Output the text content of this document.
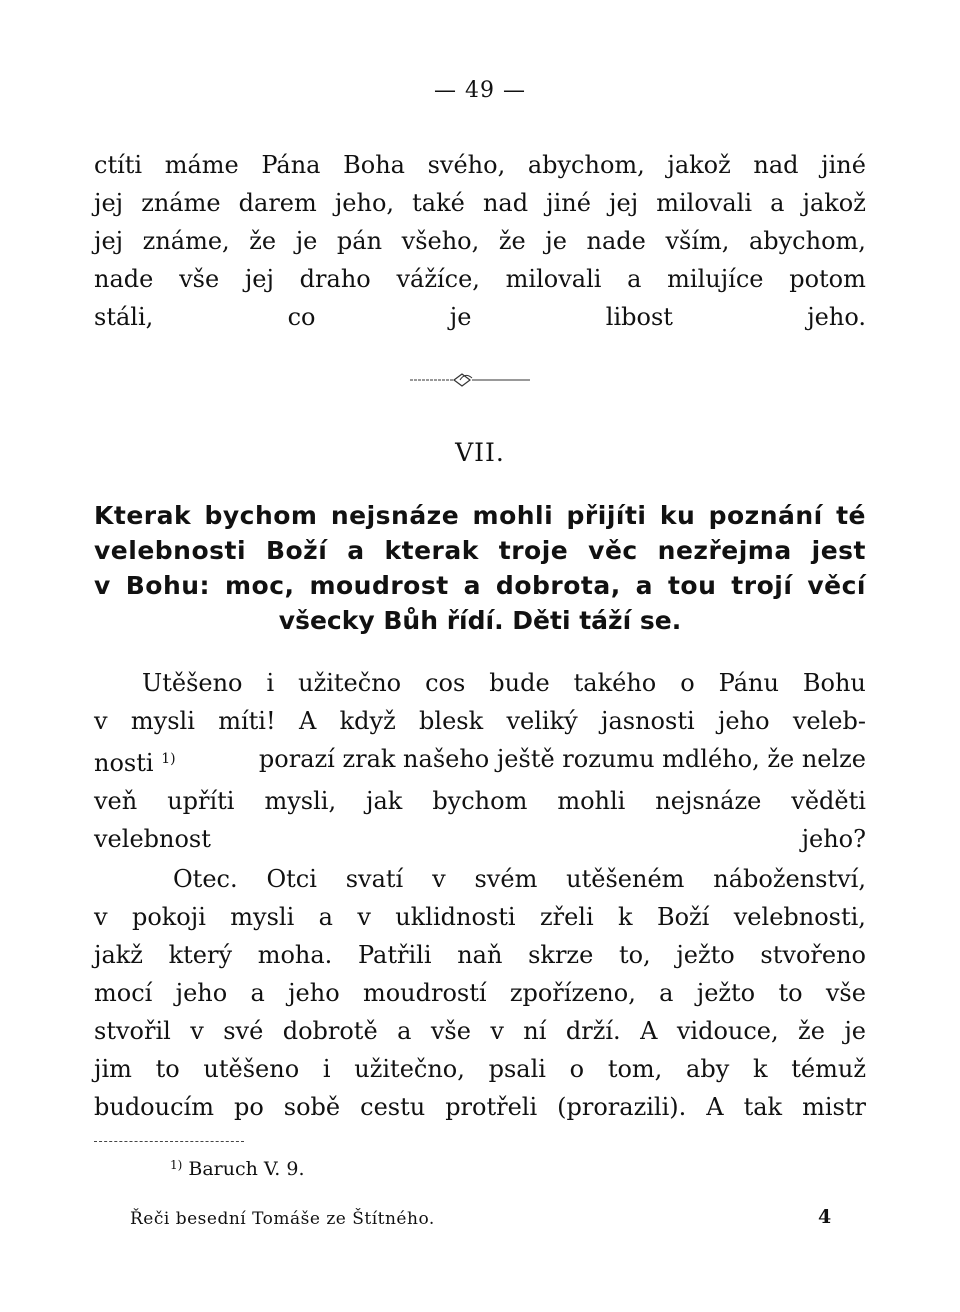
— 49 —
ctíti máme Pána Boha svého, abychom, jakož nad jiné
jej známe darem jeho, také nad jiné jej milovali a jakož
jej známe, že je pán všeho, že je nade vším, abychom,
nade vše jej draho vážíce, milovali a milujíce potom
stáli, co je libost jeho.
VII.
Kterak bychom nejsnáze mohli přijíti ku poznání té
velebnosti Boží a kterak troje věc nezřejma jest
v Bohu: moc, moudrost a dobrota, a tou trojí věcí
všecky Bůh řídí. Děti táží se.
Utěšeno i užitečno cos bude takého o Pánu Bohu
v mysli míti! A když blesk veliký jasnosti jeho veleb-
nosti $^{1)}$	porazí zrak našeho ještě rozumu mdlého, že nelze
veň upříti mysli, jak bychom mohli nejsnáze věděti
velebnost jeho?
Otec. Otci svatí v svém utěšeném náboženství,
v pokoji mysli a v uklidnosti zřeli k Boží velebnosti,
jakž který moha. Patřili naň skrze to, ježto stvořeno
mocí jeho a jeho moudrostí zpořízeno, a ježto to vše
stvořil v své dobrotě a vše v ní drží. A vidouce, že je
jim to utěšeno i užitečno, psali o tom, aby k témuž
budoucím po sobě cestu protřeli (prorazili). A tak mistr
$^{1)}$ Baruch V. 9.
Řeči besední Tomáše ze Štítného.	4
